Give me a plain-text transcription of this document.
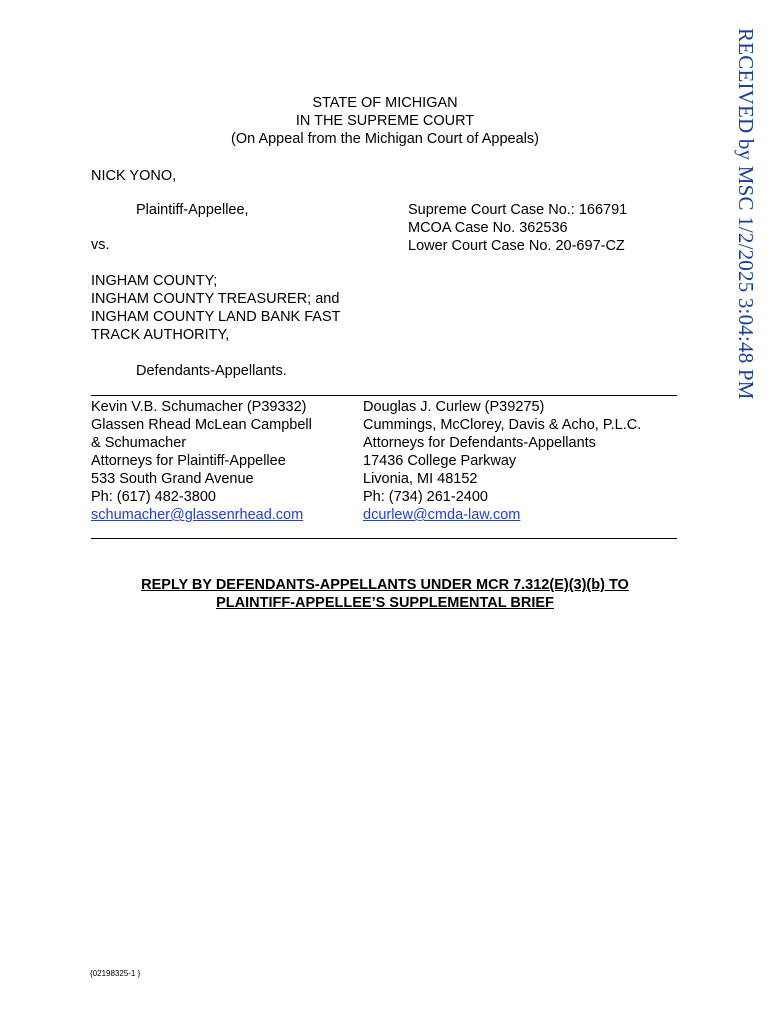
RECEIVED by MSC 1/2/2025 3:04:48 PM
STATE OF MICHIGAN
IN THE SUPREME COURT
(On Appeal from the Michigan Court of Appeals)
NICK YONO,
Plaintiff-Appellee,
vs.
Supreme Court Case No.: 166791
MCOA Case No. 362536
Lower Court Case No. 20-697-CZ
INGHAM COUNTY;
INGHAM COUNTY TREASURER; and
INGHAM COUNTY LAND BANK FAST
TRACK AUTHORITY,
Defendants-Appellants.
Kevin V.B. Schumacher (P39332)
Glassen Rhead McLean Campbell
& Schumacher
Attorneys for Plaintiff-Appellee
533 South Grand Avenue
Ph: (617) 482-3800
schumacher@glassenrhead.com
Douglas J. Curlew (P39275)
Cummings, McClorey, Davis & Acho, P.L.C.
Attorneys for Defendants-Appellants
17436 College Parkway
Livonia, MI 48152
Ph: (734) 261-2400
dcurlew@cmda-law.com
REPLY BY DEFENDANTS-APPELLANTS UNDER MCR 7.312(E)(3)(b) TO
PLAINTIFF-APPELLEE’S SUPPLEMENTAL BRIEF
{02198325-1 }
